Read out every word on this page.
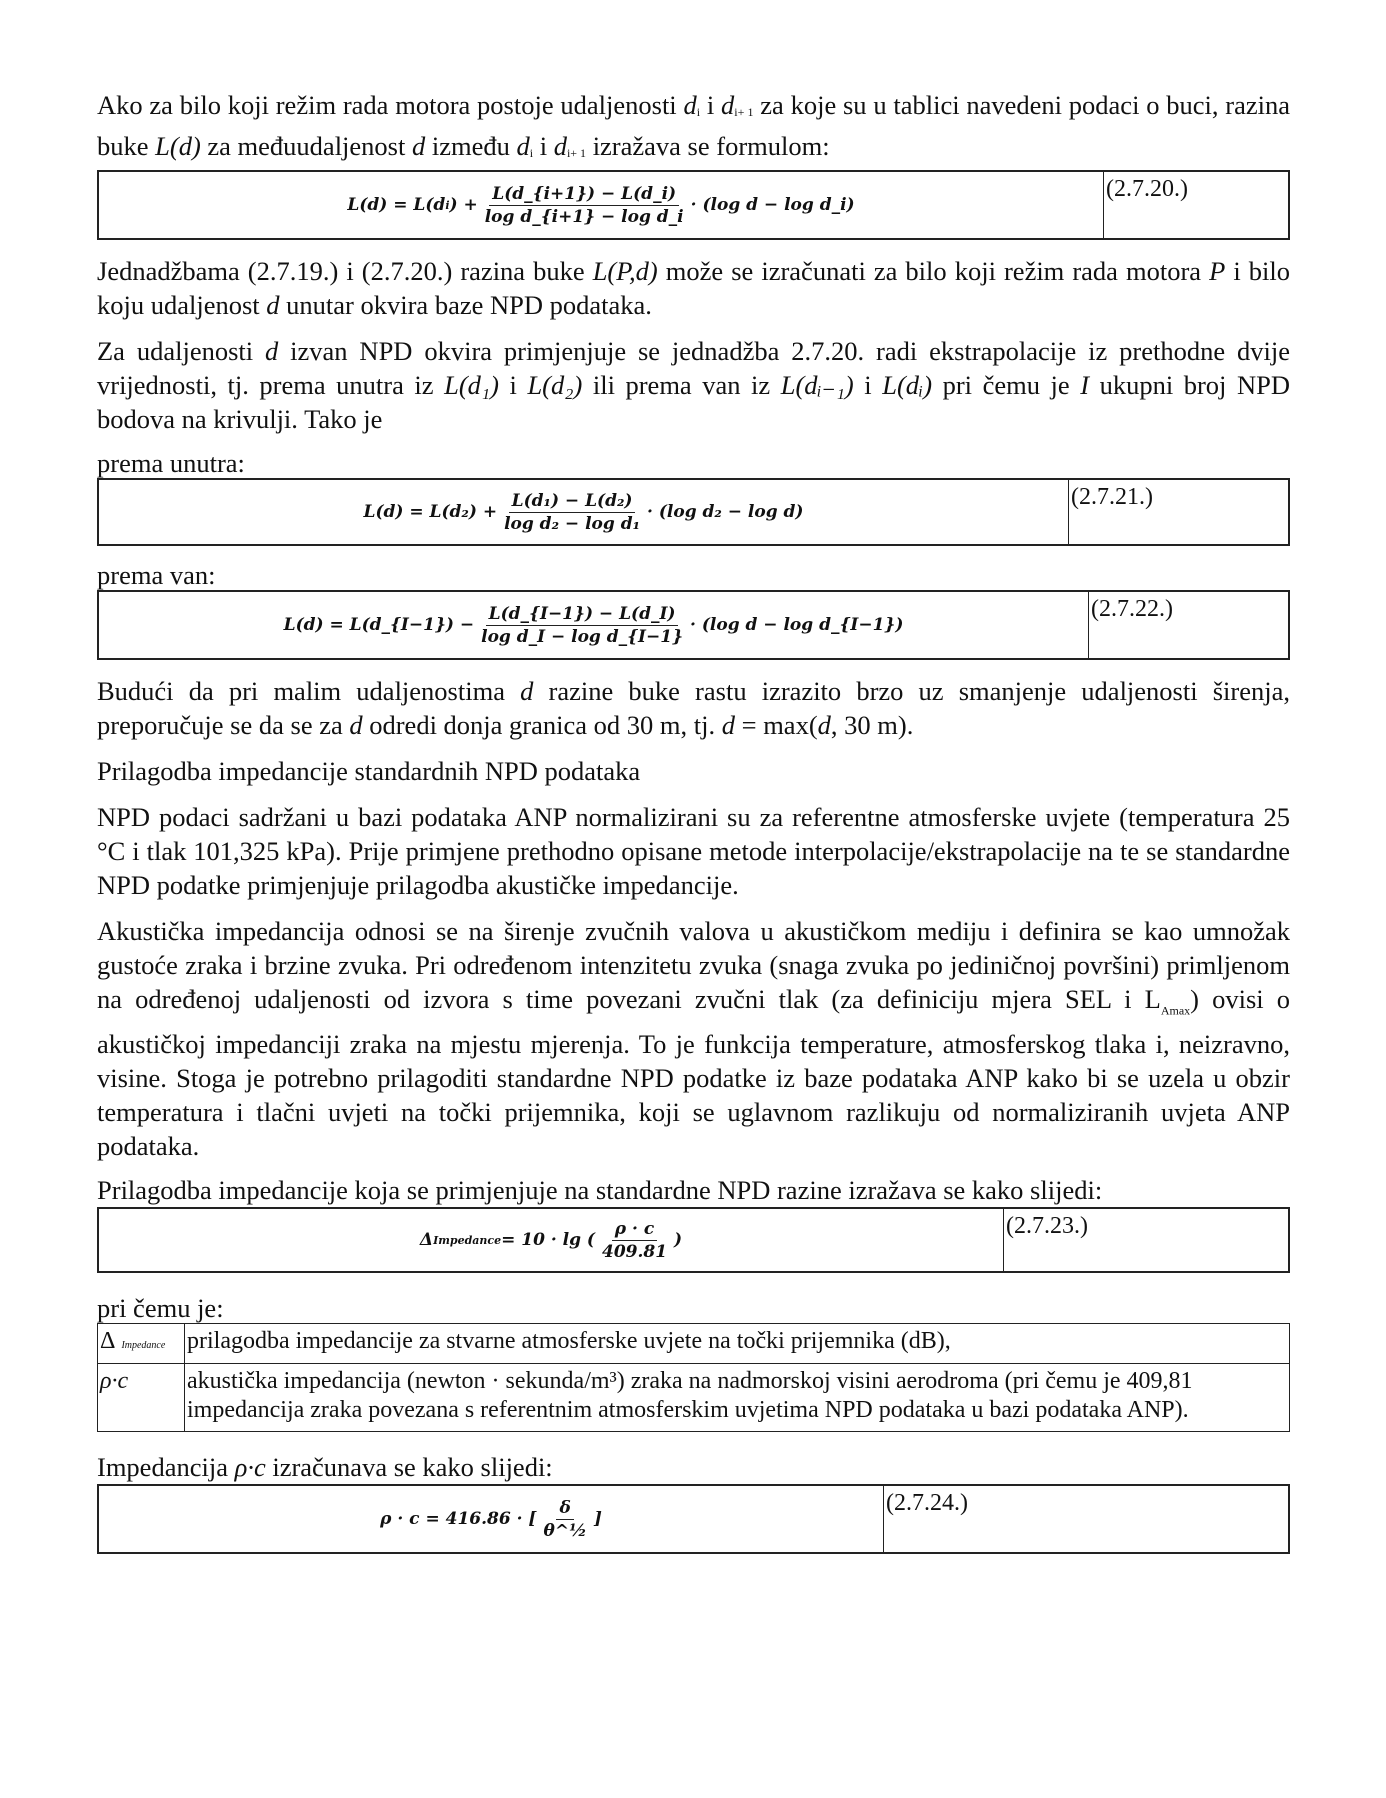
Ako za bilo koji režim rada motora postoje udaljenosti $d_i$ i $d_{i+ 1}$ za koje su u tablici navedeni podaci o buci, razina buke L(d) za međuudaljenost d između $d_i$ i $d_{i+ 1}$ izražava se formulom:

L(d) = L(d i ) + $\frac{L(d\_\{i+1\}) - L(d\_i)}{\text{log d\_\{i+1\} − log d\_i}} \cdot (\log$ d − log d_i)
(2.7.20.)

Jednadžbama (2.7.19.) i (2.7.20.) razina buke L(P,d) može se izračunati za bilo koji režim rada motora P i bilo koju udaljenost d unutar okvira baze NPD podataka.

Za udaljenosti d izvan NPD okvira primjenjuje se jednadžba 2.7.20. radi ekstrapolacije iz prethodne dvije vrijednosti, tj. prema unutra iz L(d₁) i L(d₂) ili prema van iz L(dᵢ₋₁) i L(dᵢ) pri čemu je I ukupni broj NPD bodova na krivulji. Tako je

prema unutra:
$L(d) = L(d_2) + \frac{\text{L(d₁) − L(d₂)}}{\text{log d₂ − log d₁}} \cdot (\log$ d₂ − log d)
(2.7.21.)
prema van:
L(d) = L(d_{I−1}) − $\frac{L(d\_\{I-1\}) - L(d\_I)}{\text{log d\_I − log d\_\{I−1\}}} \cdot (\log$ d − log d_{I−1})
(2.7.22.)

Budući da pri malim udaljenostima d razine buke rastu izrazito brzo uz smanjenje udaljenosti širenja, preporučuje se da se za d odredi donja granica od 30 m, tj. d = max(d, 30 m).

Prilagodba impedancije standardnih NPD podataka

NPD podaci sadržani u bazi podataka ANP normalizirani su za referentne atmosferske uvjete (temperatura 25 °C i tlak 101,325 kPa). Prije primjene prethodno opisane metode interpolacije/ekstrapolacije na te se standardne NPD podatke primjenjuje prilagodba akustičke impedancije.

Akustička impedancija odnosi se na širenje zvučnih valova u akustičkom mediju i definira se kao umnožak gustoće zraka i brzine zvuka. Pri određenom intenzitetu zvuka (snaga zvuka po jediničnoj površini) primljenom na određenoj udaljenosti od izvora s time povezani zvučni tlak (za definiciju mjera SEL i $L_{Amax}$) ovisi o akustičkoj impedanciji zraka na mjestu mjerenja. To je funkcija temperature, atmosferskog tlaka i, neizravno, visine. Stoga je potrebno prilagoditi standardne NPD podatke iz baze podataka ANP kako bi se uzela u obzir temperatura i tlačni uvjeti na točki prijemnika, koji se uglavnom razlikuju od normaliziranih uvjeta ANP podataka.

Prilagodba impedancije koja se primjenjuje na standardne NPD razine izražava se kako slijedi:

Δ Impedance = 10 · lg ( $\frac{\rho \cdot c}{409.81}$ )
(2.7.23.)
pri čemu je:
Δ Impedance	prilagodba impedancije za stvarne atmosferske uvjete na točki prijemnika (dB),
ρ·c	akustička impedancija (newton · sekunda/m³) zraka na nadmorskoj visini aerodroma (pri čemu je 409,81 impedancija zraka povezana s referentnim atmosferskim uvjetima NPD podataka u bazi podataka ANP).

Impedancija ρ·c izračunava se kako slijedi:

ρ · c = 416.86 · [ $\frac{\delta}{\text{θ\textasciicircum{}½}}$ ]
(2.7.24.)
